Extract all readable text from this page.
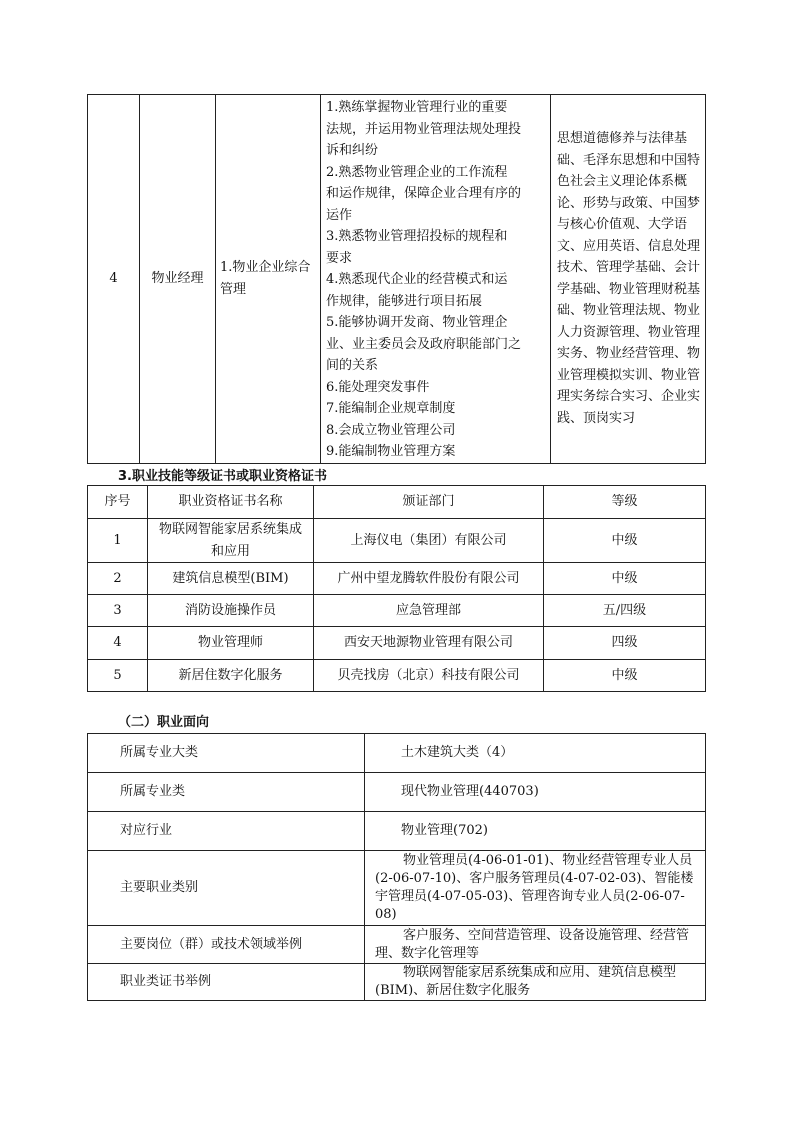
4	物业经理	1.物业企业综合管理	
1.熟练掌握物业管理行业的重要
法规，并运用物业管理法规处理投
诉和纠纷
2.熟悉物业管理企业的工作流程
和运作规律，保障企业合理有序的
运作
3.熟悉物业管理招投标的规程和
要求
4.熟悉现代企业的经营模式和运
作规律，能够进行项目拓展
5.能够协调开发商、物业管理企
业、业主委员会及政府职能部门之
间的关系
6.能处理突发事件
7.能编制企业规章制度
8.会成立物业管理公司
9.能编制物业管理方案
	思想道德修养与法律基础、毛泽东思想和中国特色社会主义理论体系概论、形势与政策、中国梦与核心价值观、大学语文、应用英语、信息处理技术、管理学基础、会计学基础、物业管理财税基础、物业管理法规、物业人力资源管理、物业管理实务、物业经营管理、物业管理模拟实训、物业管理实务综合实习、企业实践、顶岗实习
3.职业技能等级证书或职业资格证书
序号	职业资格证书名称	颁证部门	等级
1	物联网智能家居系统集成和应用	上海仪电（集团）有限公司	中级
2	建筑信息模型(BIM)	广州中望龙腾软件股份有限公司	中级
3	消防设施操作员	应急管理部	五/四级
4	物业管理师	西安天地源物业管理有限公司	四级
5	新居住数字化服务	贝壳找房（北京）科技有限公司	中级
（二）职业面向
所属专业大类	土木建筑大类（4）

所属专业类	现代物业管理(440703)

对应行业	物业管理(702)

主要职业类别	物业管理员(4-06-01-01)、物业经营管理专业人员(2-06-07-10)、客户服务管理员(4-07-02-03)、智能楼宇管理员(4-07-05-03)、管理咨询专业人员(2-06-07-08)

主要岗位（群）或技术领域举例	客户服务、空间营造管理、设备设施管理、经营管理、数字化管理等

职业类证书举例	物联网智能家居系统集成和应用、建筑信息模型(BIM)、新居住数字化服务
